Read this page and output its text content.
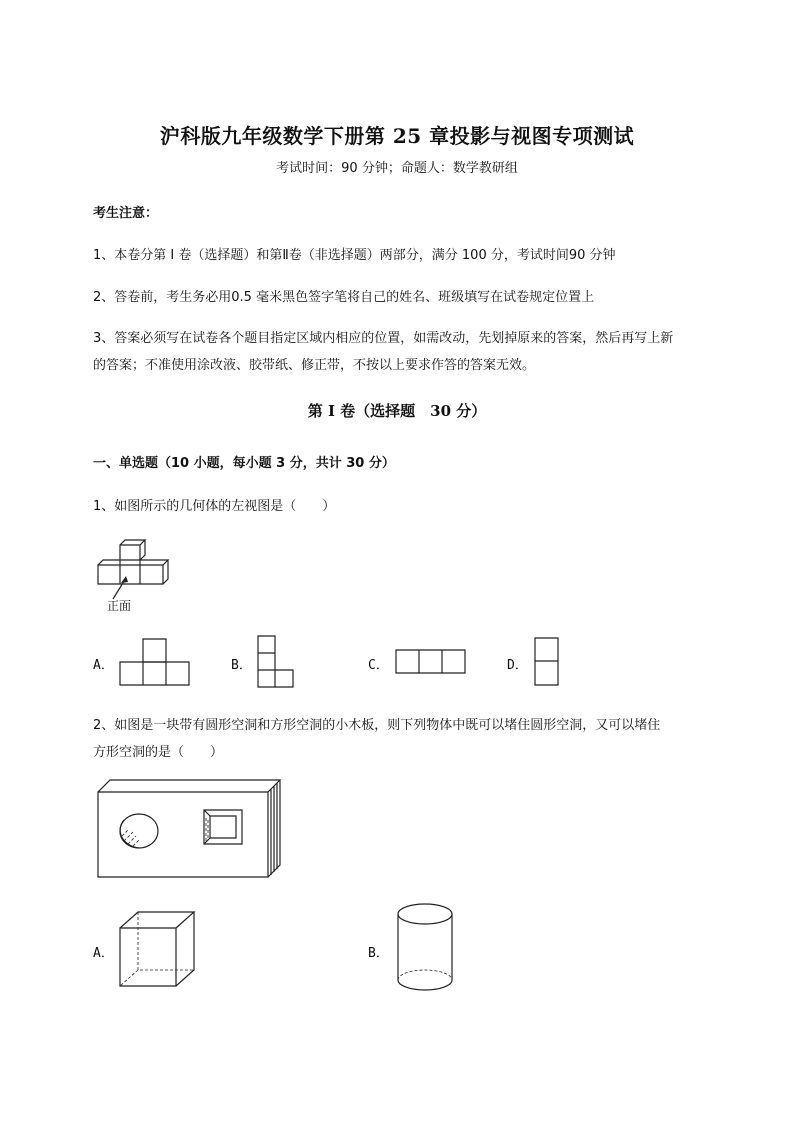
沪科版九年级数学下册第 25 章投影与视图专项测试
考试时间：90 分钟；命题人：数学教研组
考生注意：
1、本卷分第 I 卷（选择题）和第Ⅱ卷（非选择题）两部分，满分 100 分，考试时间90 分钟
2、答卷前，考生务必用0.5 毫米黑色签字笔将自己的姓名、班级填写在试卷规定位置上
3、答案必须写在试卷各个题目指定区域内相应的位置，如需改动，先划掉原来的答案，然后再写上新
的答案；不准使用涂改液、胶带纸、修正带，不按以上要求作答的答案无效。
第 I 卷（选择题　30 分）
一、单选题（10 小题，每小题 3 分，共计 30 分）
1、如图所示的几何体的左视图是（　　）
正面
A．	B．	C．	D．
2、如图是一块带有圆形空洞和方形空洞的小木板，则下列物体中既可以堵住圆形空洞，又可以堵住
方形空洞的是（　　）
A．	B．
